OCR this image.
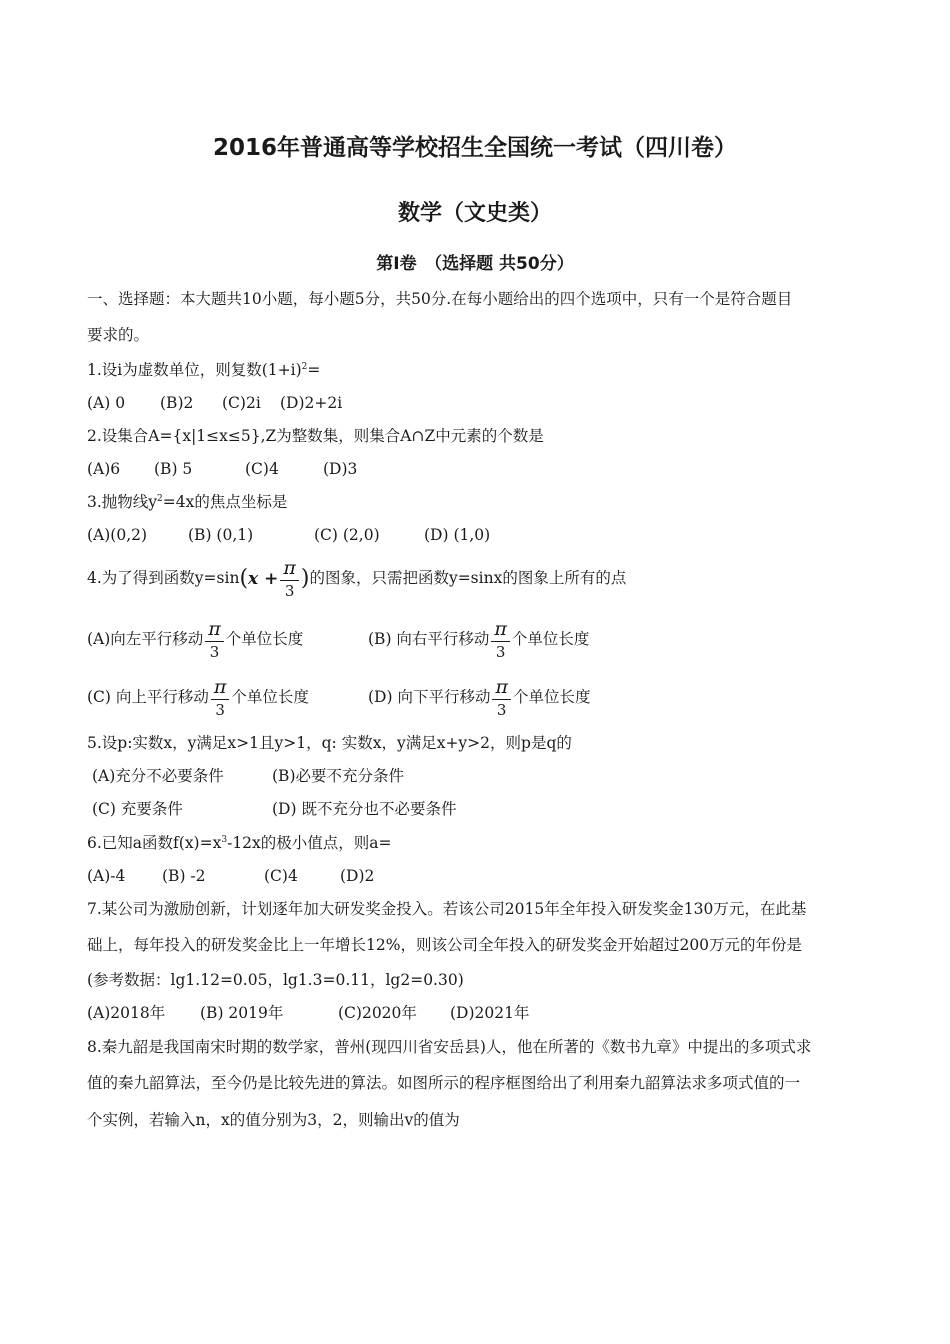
2016年普通高等学校招生全国统一考试（四川卷）
数学（文史类）
第I卷　（选择题 共50分）
一、选择题：本大题共10小题，每小题5分，共50分.在每小题给出的四个选项中，只有一个是符合题目
要求的。
1.设i为虚数单位，则复数$(1+i)^2=$
(A) 0 (B)2 (C)2i (D)2+2i
2.设集合A={x|1≤x≤5},Z为整数集，则集合A∩Z中元素的个数是
(A)6 (B) 5	(C)4	(D)3
3.抛物线$y^2=4x$的焦点坐标是
(A)(0,2)	(B) (0,1)	(C) (2,0)	(D) (1,0)
4.为了得到函数$y=\sin(x + \frac{\pi}{3}$ )的图象，只需把函数y=sinx的图象上所有的点
(A)向左平行移动 $\frac{\pi}{3}$ 个单位长度	(B) 向右平行移动 $\frac{\pi}{3}$ 个单位长度
(C) 向上平行移动 $\frac{\pi}{3}$ 个单位长度	(D) 向下平行移动 $\frac{\pi}{3}$ 个单位长度
5.设p:实数x，y满足x>1且y>1，q: 实数x，y满足x+y>2，则p是q的
(A)充分不必要条件	(B)必要不充分条件
(C) 充要条件	(D) 既不充分也不必要条件
6.已知a函数$f(x)=x^3-12x$的极小值点，则a=
(A)-4 (B) -2	(C)4	(D)2
7.某公司为激励创新，计划逐年加大研发奖金投入。若该公司2015年全年投入研发奖金130万元，在此基
础上，每年投入的研发奖金比上一年增长12%，则该公司全年投入的研发奖金开始超过200万元的年份是
(参考数据：lg1.12=0.05，lg1.3=0.11，lg2=0.30)
(A)2018年 (B) 2019年	(C)2020年 (D)2021年
8.秦九韶是我国南宋时期的数学家，普州(现四川省安岳县)人，他在所著的《数书九章》中提出的多项式求
值的秦九韶算法，至今仍是比较先进的算法。如图所示的程序框图给出了利用秦九韶算法求多项式值的一
个实例，若输入n，x的值分别为3，2，则输出v的值为
